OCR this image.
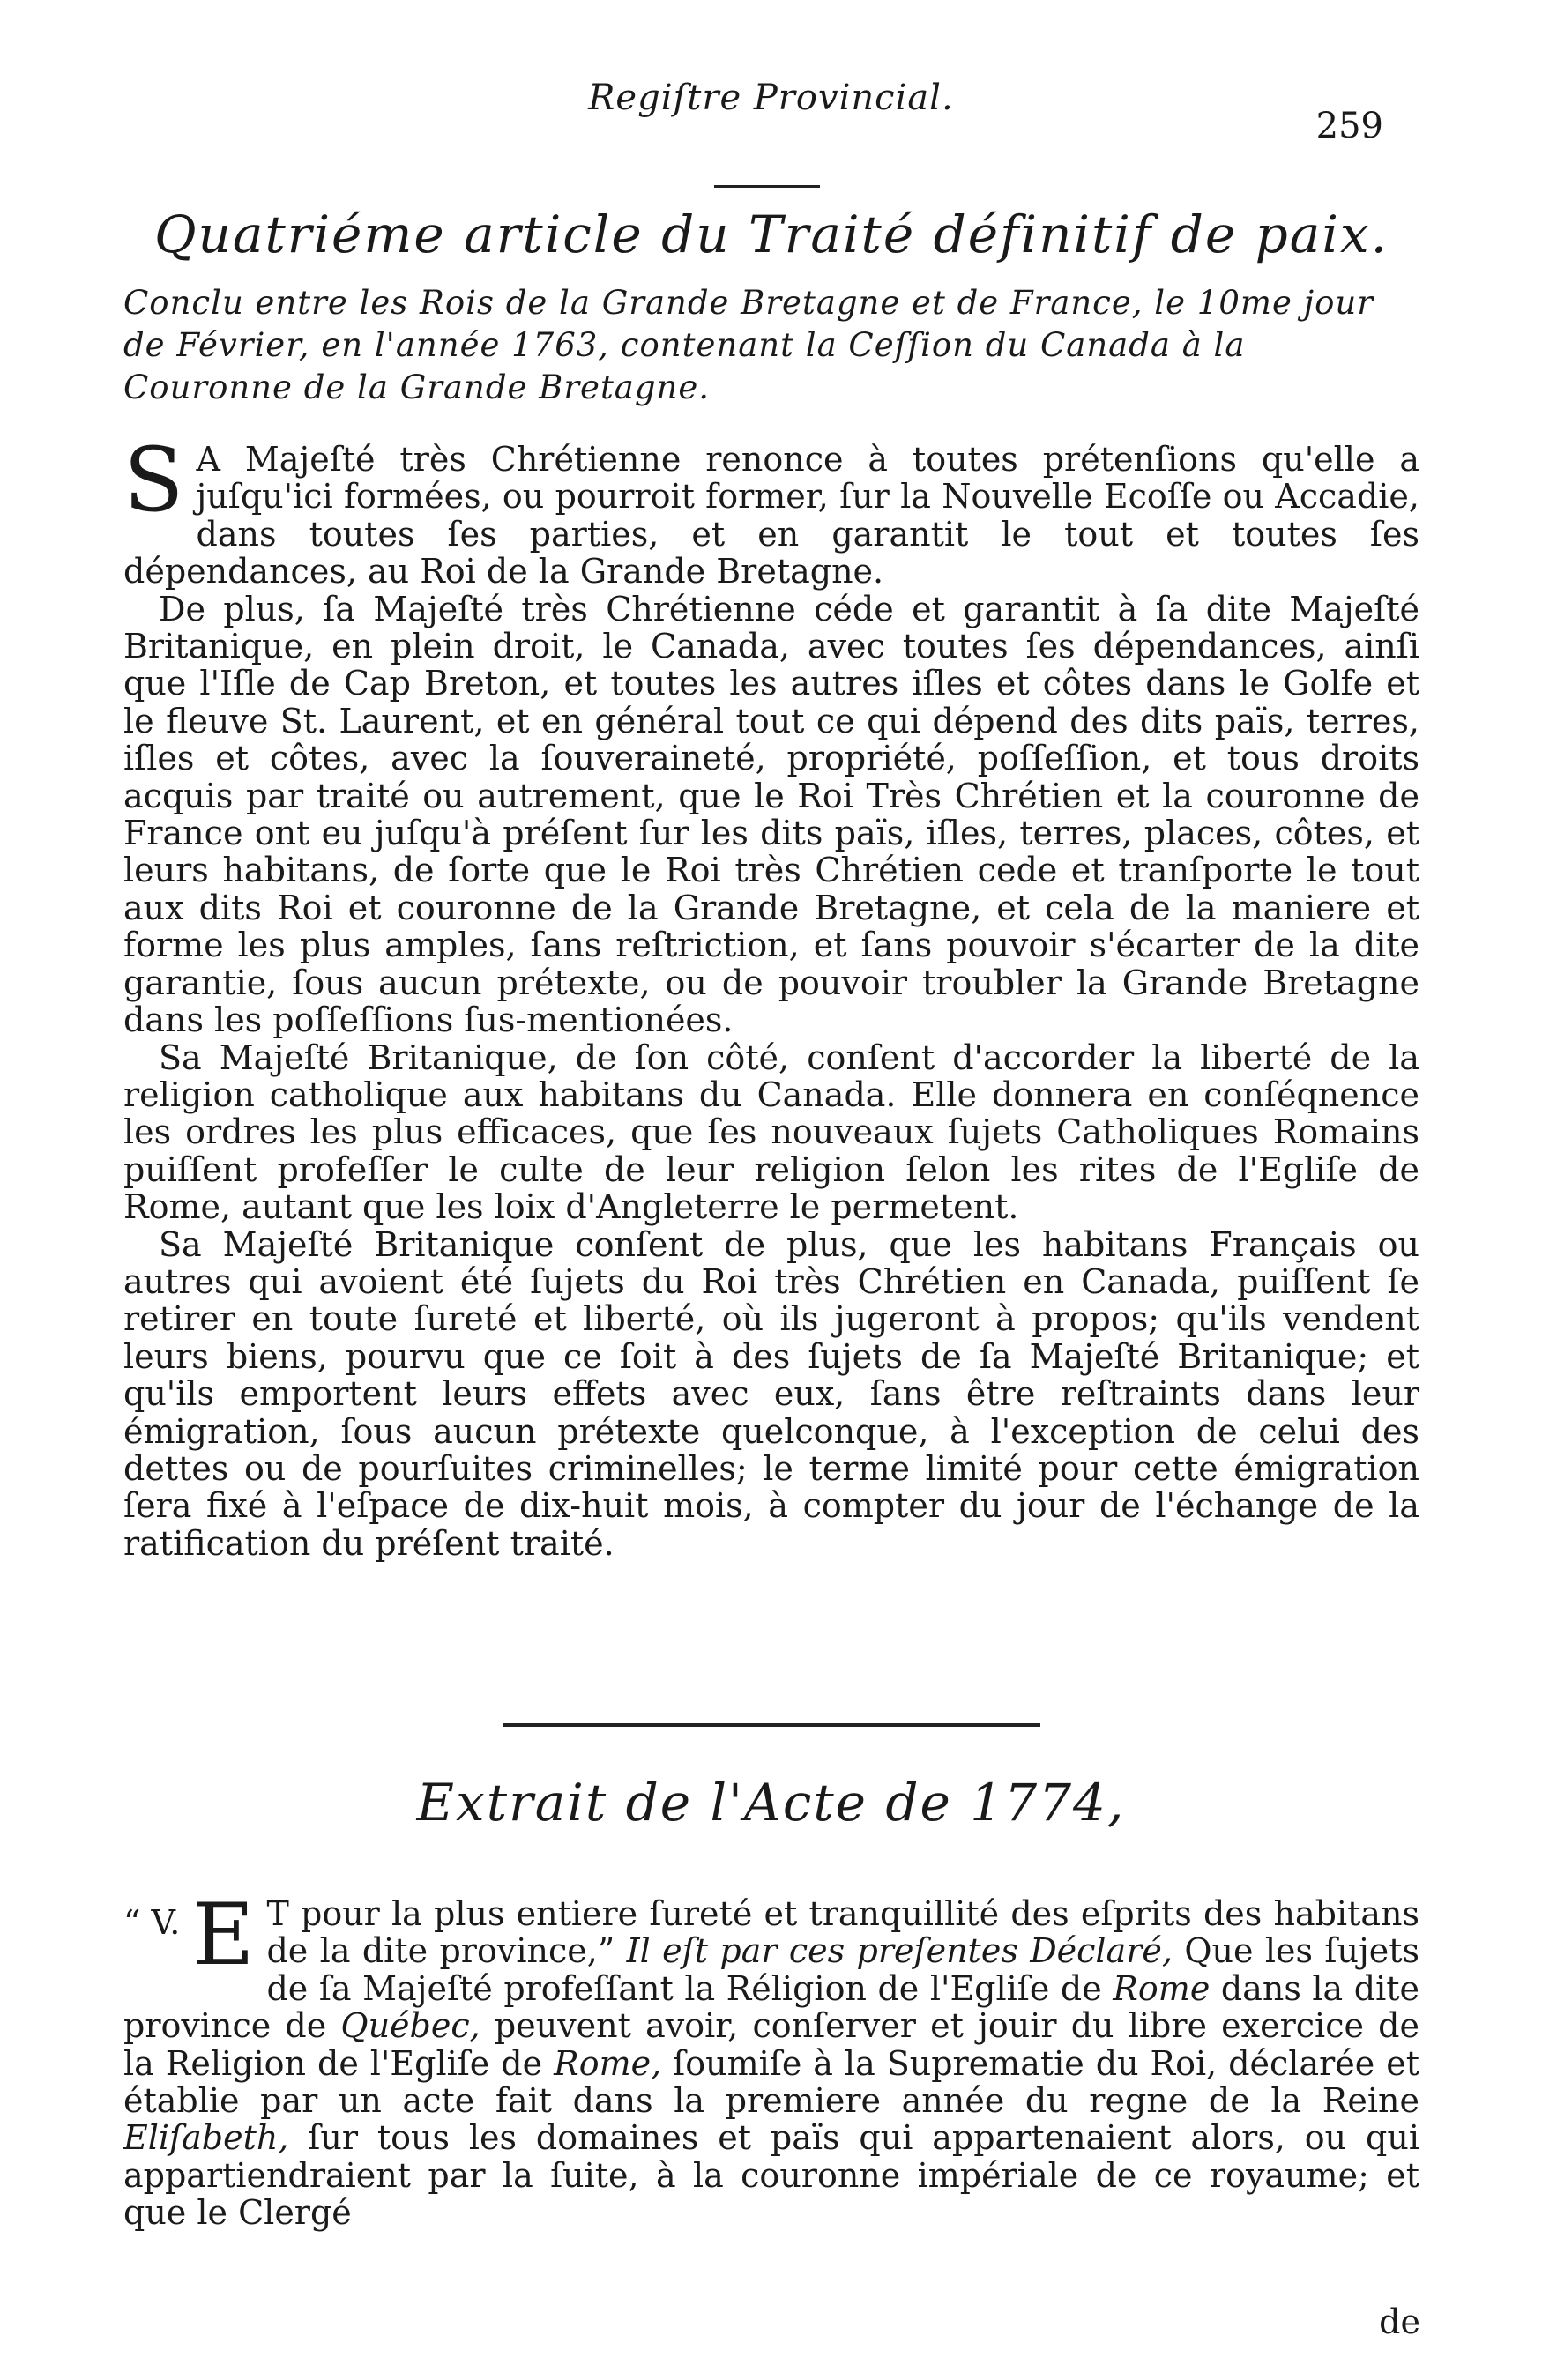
Regiſtre Provincial.
259
Quatriéme article du Traité définitif de paix.
Conclu entre les Rois de la Grande Bretagne et de France, le 10me jour de Février, en l'année 1763, contenant la Ceſſion du Canada à la Couronne de la Grande Bretagne.

S A Majeſté très Chrétienne renonce à toutes prétenſions qu'elle a juſqu'ici formées, ou pourroit former, ſur la Nouvelle Ecoſſe ou Accadie, dans toutes ſes parties, et en garantit le tout et toutes ſes dépendances, au Roi de la Grande Bretagne.

De plus, ſa Majeſté très Chrétienne céde et garantit à ſa dite Majeſté Britanique, en plein droit, le Canada, avec toutes ſes dépendances, ainſi que l'Iſle de Cap Breton, et toutes les autres iſles et côtes dans le Golfe et le fleuve St. Laurent, et en général tout ce qui dépend des dits païs, terres, iſles et côtes, avec la ſouveraineté, propriété, poſſeſſion, et tous droits acquis par traité ou autrement, que le Roi Très Chrétien et la couronne de France ont eu juſqu'à préſent ſur les dits païs, iſles, terres, places, côtes, et leurs habitans, de ſorte que le Roi très Chrétien cede et tranſporte le tout aux dits Roi et couronne de la Grande Bretagne, et cela de la maniere et forme les plus amples, ſans reſtriction, et ſans pouvoir s'écarter de la dite garantie, ſous aucun prétexte, ou de pouvoir troubler la Grande Bretagne dans les poſſeſſions ſus-mentionées.

Sa Majeſté Britanique, de ſon côté, conſent d'accorder la liberté de la religion catholique aux habitans du Canada. Elle donnera en conſéqnence les ordres les plus efficaces, que ſes nouveaux ſujets Catholiques Romains puiſſent profeſſer le culte de leur religion ſelon les rites de l'Egliſe de Rome, autant que les loix d'Angleterre le permetent.

Sa Majeſté Britanique conſent de plus, que les habitans Français ou autres qui avoient été ſujets du Roi très Chrétien en Canada, puiſſent ſe retirer en toute ſureté et liberté, où ils jugeront à propos; qu'ils vendent leurs biens, pourvu que ce ſoit à des ſujets de ſa Majeſté Britanique; et qu'ils emportent leurs effets avec eux, ſans être reſtraints dans leur émigration, ſous aucun prétexte quelconque, à l'exception de celui des dettes ou de pourſuites criminelles; le terme limité pour cette émigration ſera fixé à l'eſpace de dix-huit mois, à compter du jour de l'échange de la ratification du préſent traité.

Extrait de l'Acte de 1774,

“ V. E T pour la plus entiere ſureté et tranquillité des eſprits des habitans de la dite province,” Il eſt par ces preſentes Déclaré, Que les ſujets de ſa Majeſté profeſſant la Réligion de l'Egliſe de Rome dans la dite province de Québec, peuvent avoir, conſerver et jouir du libre exercice de la Religion de l'Egliſe de Rome, ſoumiſe à la Suprematie du Roi, déclarée et établie par un acte fait dans la premiere année du regne de la Reine Eliſabeth, ſur tous les domaines et païs qui appartenaient alors, ou qui appartiendraient par la ſuite, à la couronne impériale de ce royaume; et que le Clergé

de
